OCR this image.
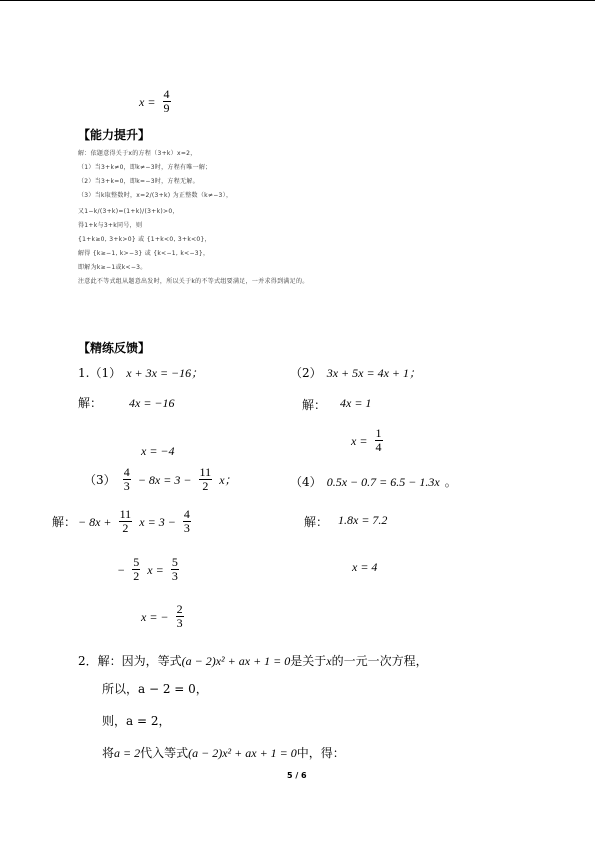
$x = \frac{4}{9}$
【能力提升】
解：依题意得关于x的方程（3+k）x=2，
（1）当3+k≠0，即k≠−3时，方程有唯一解；
（2）当3+k=0，即k=−3时，方程无解。
（3）当k取整数时，x=2/(3+k) 为正整数（k≠−3），
又1−k/(3+k)=(1+k)/(3+k)>0，
得1+k与3+k同号，则
{1+k≥0, 3+k>0} 或 {1+k<0, 3+k<0}，
解得 {k≥−1, k>−3} 或 {k<−1, k<−3}，
即解为k≥−1或k<−3。
注意此不等式组从题意出发时，所以关于k的不等式组要满足，一并求得到满足的。
【精练反馈】
1.（1） x + 3x = −16；
解： 4x = −16
x = −4
（2） 3x + 5x = 4x + 1；
解： 4x = 1
$x = \frac{1}{4}$
$(3) \frac{4}{3} - 8x = 3 - \frac{11}{2}$ x；
解： − $8x + \frac{11}{2}$ $x = 3 - \frac{4}{3}$
− $\frac{5}{2}$ $x = \frac{5}{3}$
x = − $\frac{2}{3}$
（4） 0.5x − 0.7 = 6.5 − 1.3x 。
解： 1.8x = 7.2
x = 4
2．解：因为，等式(a − 2)x² + ax + 1 = 0是关于x的一元一次方程，
所以，a − 2 = 0，
则，a = 2，
将a = 2代入等式(a − 2)x² + ax + 1 = 0中，得：
5 / 6
